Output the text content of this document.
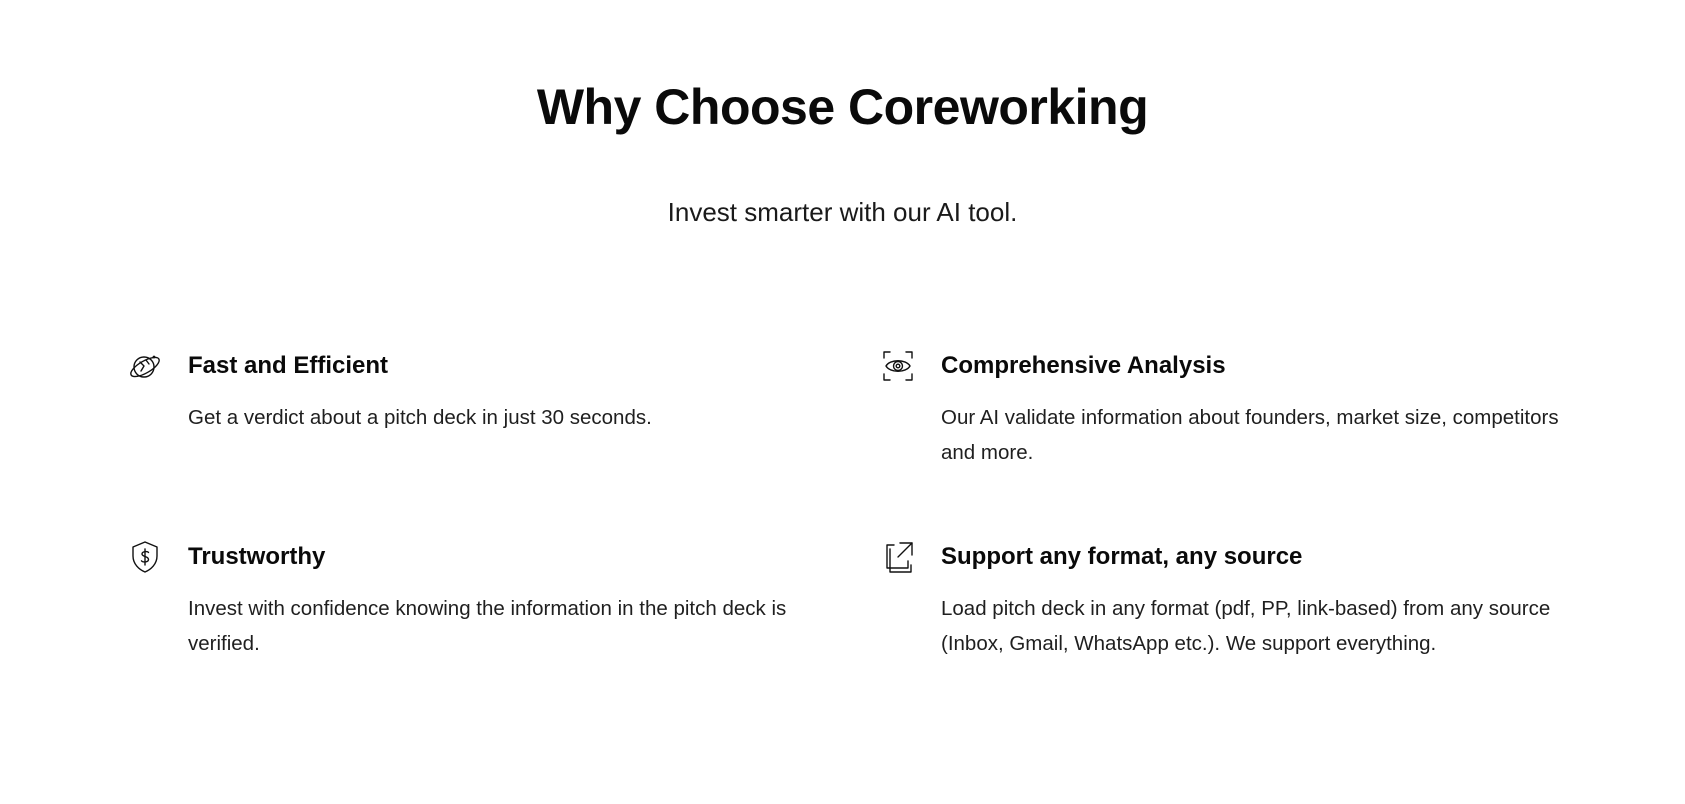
Why Choose Coreworking

Invest smarter with our AI tool.

Fast and Efficient

Get a verdict about a pitch deck in just 30 seconds.

Comprehensive Analysis

Our AI validate information about founders, market size, competitors and more.

Trustworthy

Invest with confidence knowing the information in the pitch deck is verified.

Support any format, any source

Load pitch deck in any format (pdf, PP, link-based) from any source (Inbox, Gmail, WhatsApp etc.). We support everything.
